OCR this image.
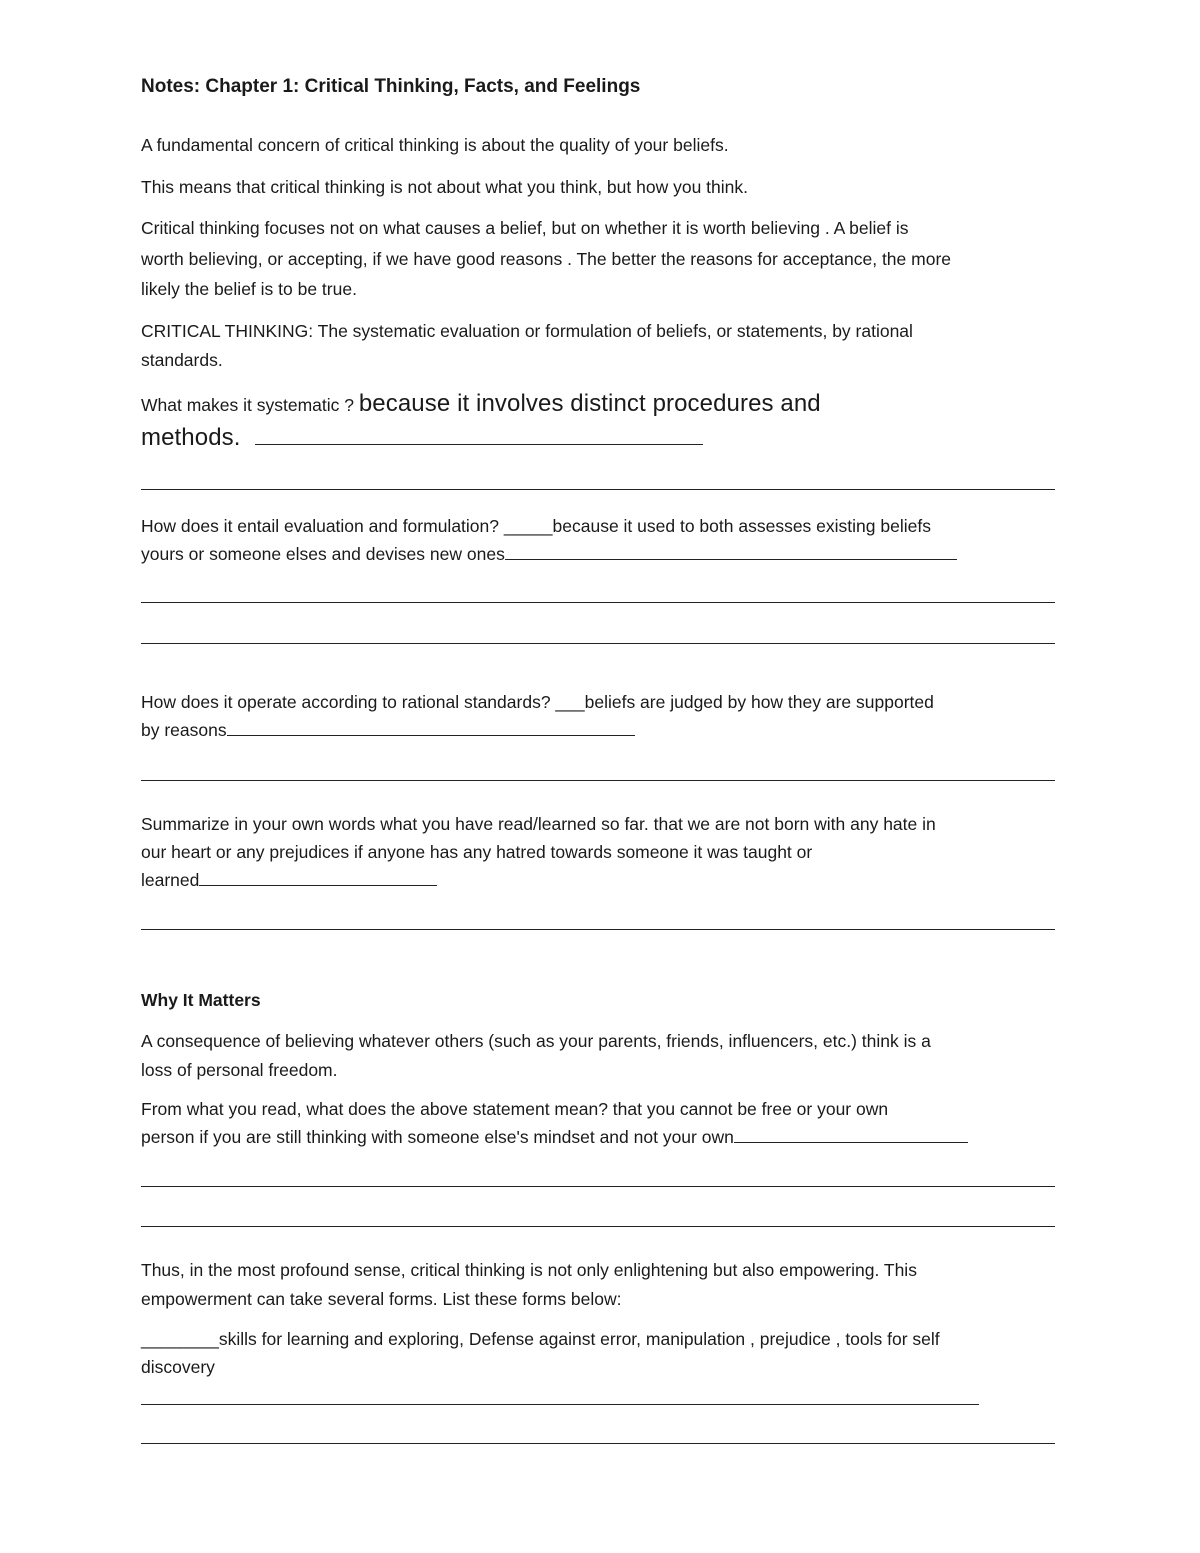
Notes: Chapter 1: Critical Thinking, Facts, and Feelings

A fundamental concern of critical thinking is about the quality of your beliefs.

This means that critical thinking is not about what you think, but how you think.

Critical thinking focuses not on what causes a belief, but on whether it is worth believing . A belief is

worth believing, or accepting, if we have good reasons . The better the reasons for acceptance, the more

likely the belief is to be true.

CRITICAL THINKING: The systematic evaluation or formulation of beliefs, or statements, by rational

standards.

What makes it systematic ? because it involves distinct procedures and

methods.

How does it entail evaluation and formulation? _____because it used to both assesses existing beliefs

yours or someone elses and devises new ones

How does it operate according to rational standards? ___beliefs are judged by how they are supported

by reasons

Summarize in your own words what you have read/learned so far. that we are not born with any hate in

our heart or any prejudices if anyone has any hatred towards someone it was taught or

learned

Why It Matters

A consequence of believing whatever others (such as your parents, friends, influencers, etc.) think is a

loss of personal freedom.

From what you read, what does the above statement mean? that you cannot be free or your own

person if you are still thinking with someone else's mindset and not your own

Thus, in the most profound sense, critical thinking is not only enlightening but also empowering. This

empowerment can take several forms. List these forms below:

________skills for learning and exploring, Defense against error, manipulation , prejudice , tools for self

discovery
